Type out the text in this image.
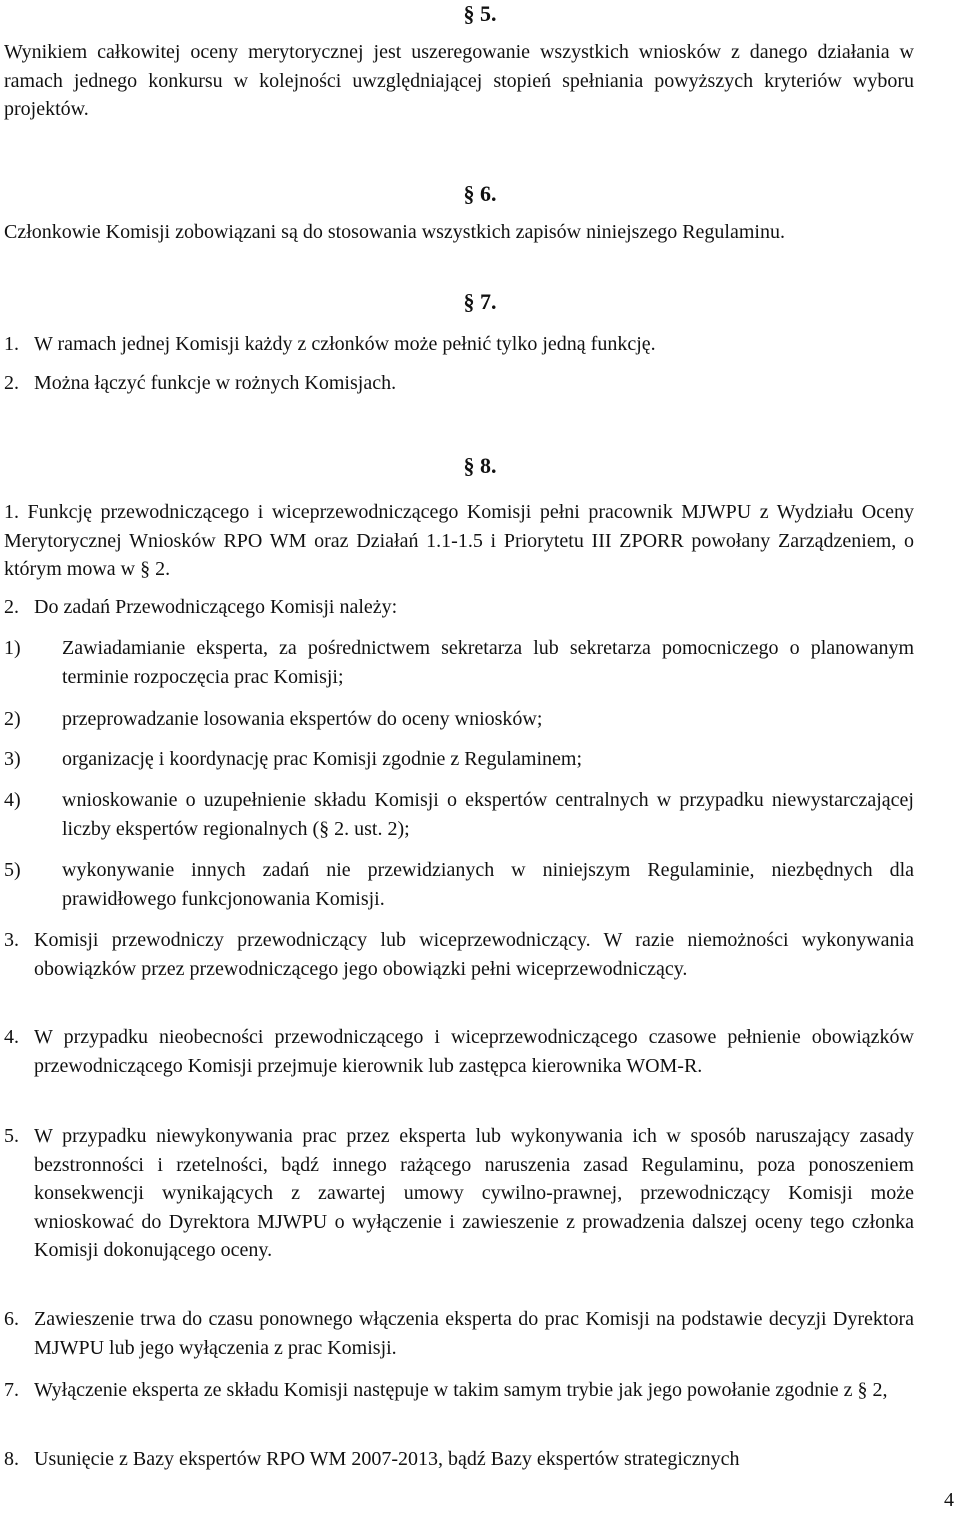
§ 5.
Wynikiem całkowitej oceny merytorycznej jest uszeregowanie wszystkich wniosków z danego działania w ramach jednego konkursu w kolejności uwzględniającej stopień spełniania powyższych kryteriów wyboru projektów.
§ 6.
Członkowie Komisji zobowiązani są do stosowania wszystkich zapisów niniejszego Regulaminu.
§ 7.
1. W ramach jednej Komisji każdy z członków może pełnić tylko jedną funkcję.
2. Można łączyć funkcje w rożnych Komisjach.
§ 8.
1. Funkcję przewodniczącego i wiceprzewodniczącego Komisji pełni pracownik MJWPU z Wydziału Oceny Merytorycznej Wniosków RPO WM oraz Działań 1.1-1.5 i Priorytetu III ZPORR powołany Zarządzeniem, o którym mowa w § 2.
2. Do zadań Przewodniczącego Komisji należy:
1) Zawiadamianie eksperta, za pośrednictwem sekretarza lub sekretarza pomocniczego o planowanym terminie rozpoczęcia prac Komisji;
2) przeprowadzanie losowania ekspertów do oceny wniosków;
3) organizację i koordynację prac Komisji zgodnie z Regulaminem;
4) wnioskowanie o uzupełnienie składu Komisji o ekspertów centralnych w przypadku niewystarczającej liczby ekspertów regionalnych (§ 2. ust. 2);
5) wykonywanie innych zadań nie przewidzianych w niniejszym Regulaminie, niezbędnych dla prawidłowego funkcjonowania Komisji.
3. Komisji przewodniczy przewodniczący lub wiceprzewodniczący. W razie niemożności wykonywania obowiązków przez przewodniczącego jego obowiązki pełni wiceprzewodniczący.
4. W przypadku nieobecności przewodniczącego i wiceprzewodniczącego czasowe pełnienie obowiązków przewodniczącego Komisji przejmuje kierownik lub zastępca kierownika WOM-R.
5. W przypadku niewykonywania prac przez eksperta lub wykonywania ich w sposób naruszający zasady bezstronności i rzetelności, bądź innego rażącego naruszenia zasad Regulaminu, poza ponoszeniem konsekwencji wynikających z zawartej umowy cywilno-prawnej, przewodniczący Komisji może wnioskować do Dyrektora MJWPU o wyłączenie i zawieszenie z prowadzenia dalszej oceny tego członka Komisji dokonującego oceny.
6. Zawieszenie trwa do czasu ponownego włączenia eksperta do prac Komisji na podstawie decyzji Dyrektora MJWPU lub jego wyłączenia z prac Komisji.
7. Wyłączenie eksperta ze składu Komisji następuje w takim samym trybie jak jego powołanie zgodnie z § 2,
8. Usunięcie z Bazy ekspertów RPO WM 2007-2013, bądź Bazy ekspertów strategicznych
4
